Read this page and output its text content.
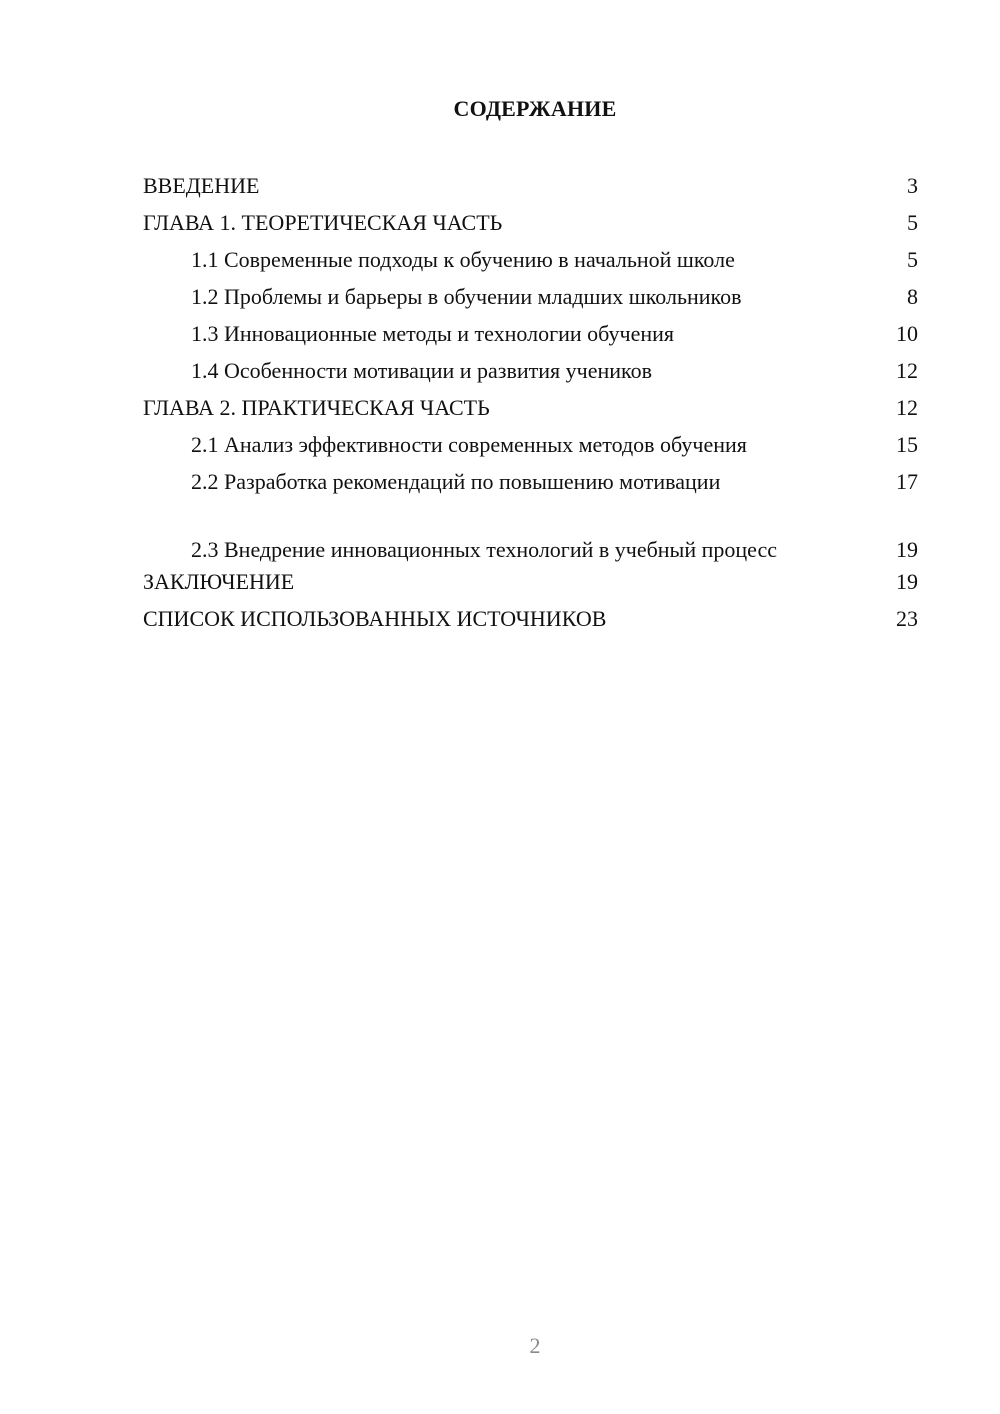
СОДЕРЖАНИЕ
ВВЕДЕНИЕ	3
ГЛАВА 1. ТЕОРЕТИЧЕСКАЯ ЧАСТЬ	5
1.1 Современные подходы к обучению в начальной школе	5
1.2 Проблемы и барьеры в обучении младших школьников	8
1.3 Инновационные методы и технологии обучения	10
1.4 Особенности мотивации и развития учеников	12
ГЛАВА 2. ПРАКТИЧЕСКАЯ ЧАСТЬ	12
2.1 Анализ эффективности современных методов обучения	15
2.2 Разработка рекомендаций по повышению мотивации	17
2.3 Внедрение инновационных технологий в учебный процесс	19
ЗАКЛЮЧЕНИЕ	19
СПИСОК ИСПОЛЬЗОВАННЫХ ИСТОЧНИКОВ	23
2
